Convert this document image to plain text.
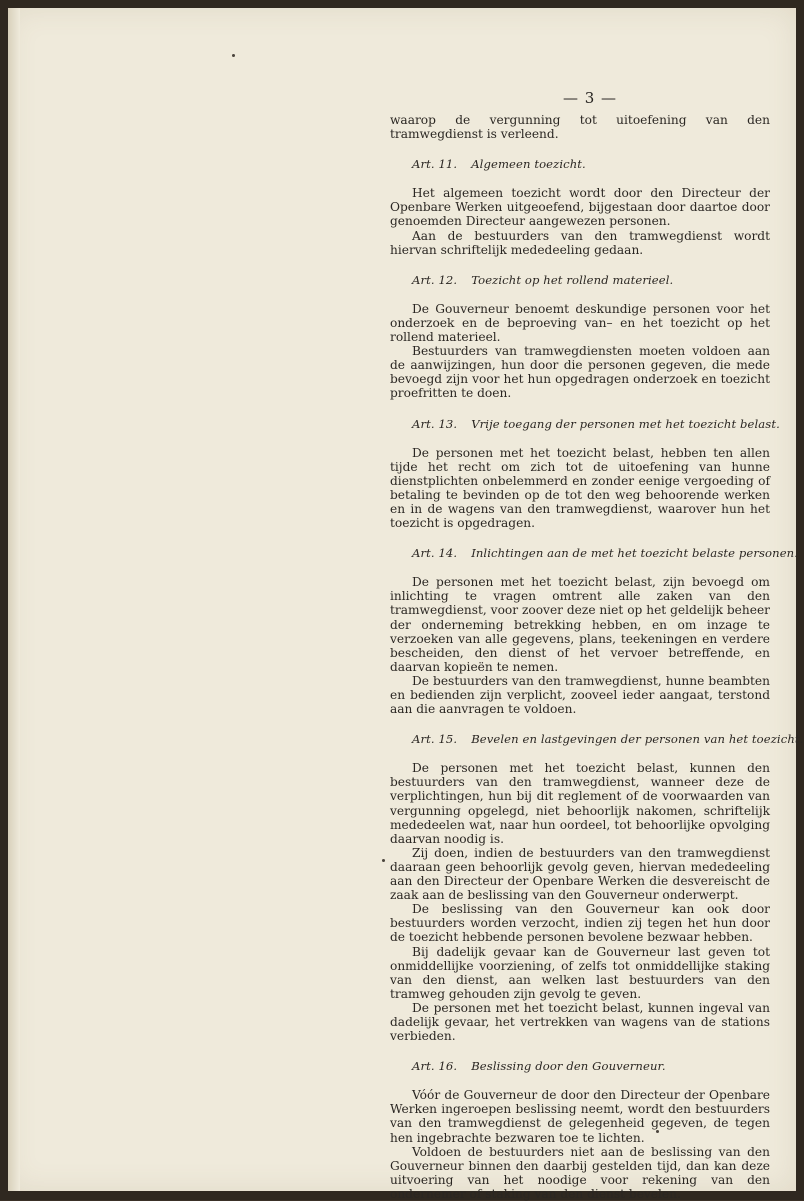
— 3 —

waarop de vergunning tot uitoefening van den tramwegdienst is verleend.

Art. 11. Algemeen toezicht.

Het algemeen toezicht wordt door den Directeur der Openbare Werken uitgeoefend, bijgestaan door daartoe door genoemden Directeur aangewezen personen.

Aan de bestuurders van den tramwegdienst wordt hiervan schriftelijk mededeeling gedaan.

Art. 12. Toezicht op het rollend materieel.

De Gouverneur benoemt deskundige personen voor het onderzoek en de beproeving van– en het toezicht op het rollend materieel.

Bestuurders van tramwegdiensten moeten voldoen aan de aanwijzingen, hun door die personen gegeven, die mede bevoegd zijn voor het hun opgedragen onderzoek en toezicht proefritten te doen.

Art. 13. Vrije toegang der personen met het toezicht belast.

De personen met het toezicht belast, hebben ten allen tijde het recht om zich tot de uitoefening van hunne dienstplichten onbelemmerd en zonder eenige vergoeding of betaling te bevinden op de tot den weg behoorende werken en in de wagens van den tramwegdienst, waarover hun het toezicht is opgedragen.

Art. 14. Inlichtingen aan de met het toezicht belaste personen.

De personen met het toezicht belast, zijn bevoegd om inlichting te vragen omtrent alle zaken van den tramwegdienst, voor zoover deze niet op het geldelijk beheer der onderneming betrekking hebben, en om inzage te verzoeken van alle gegevens, plans, teekeningen en verdere bescheiden, den dienst of het vervoer betreffende, en daarvan kopieën te nemen.

De bestuurders van den tramwegdienst, hunne beambten en bedienden zijn verplicht, zooveel ieder aangaat, terstond aan die aanvragen te voldoen.

Art. 15. Bevelen en lastgevingen der personen van het toezicht.

De personen met het toezicht belast, kunnen den bestuurders van den tramwegdienst, wanneer deze de verplichtingen, hun bij dit reglement of de voorwaarden van vergunning opgelegd, niet behoorlijk nakomen, schriftelijk mededeelen wat, naar hun oordeel, tot behoorlijke opvolging daarvan noodig is.

Zij doen, indien de bestuurders van den tramwegdienst daaraan geen behoorlijk gevolg geven, hiervan mededeeling aan den Directeur der Openbare Werken die desvereischt de zaak aan de beslissing van den Gouverneur onderwerpt.

De beslissing van den Gouverneur kan ook door bestuurders worden verzocht, indien zij tegen het hun door de toezicht hebbende personen bevolene bezwaar hebben.

Bij dadelijk gevaar kan de Gouverneur last geven tot onmiddellijke voorziening, of zelfs tot onmiddellijke staking van den dienst, aan welken last bestuurders van den tramweg gehouden zijn gevolg te geven.

De personen met het toezicht belast, kunnen ingeval van dadelijk gevaar, het vertrekken van wagens van de stations verbieden.

Art. 16. Beslissing door den Gouverneur.

Vóór de Gouverneur de door den Directeur der Openbare Werken ingeroepen beslissing neemt, wordt den bestuurders van den tramwegdienst de gelegenheid gegeven, de tegen hen ingebrachte bezwaren toe te lichten.

Voldoen de bestuurders niet aan de beslissing van den Gouverneur binnen den daarbij gestelden tijd, dan kan deze uitvoering van het noodige voor rekening van den ondernemer of staking van den dienst bevelen.
